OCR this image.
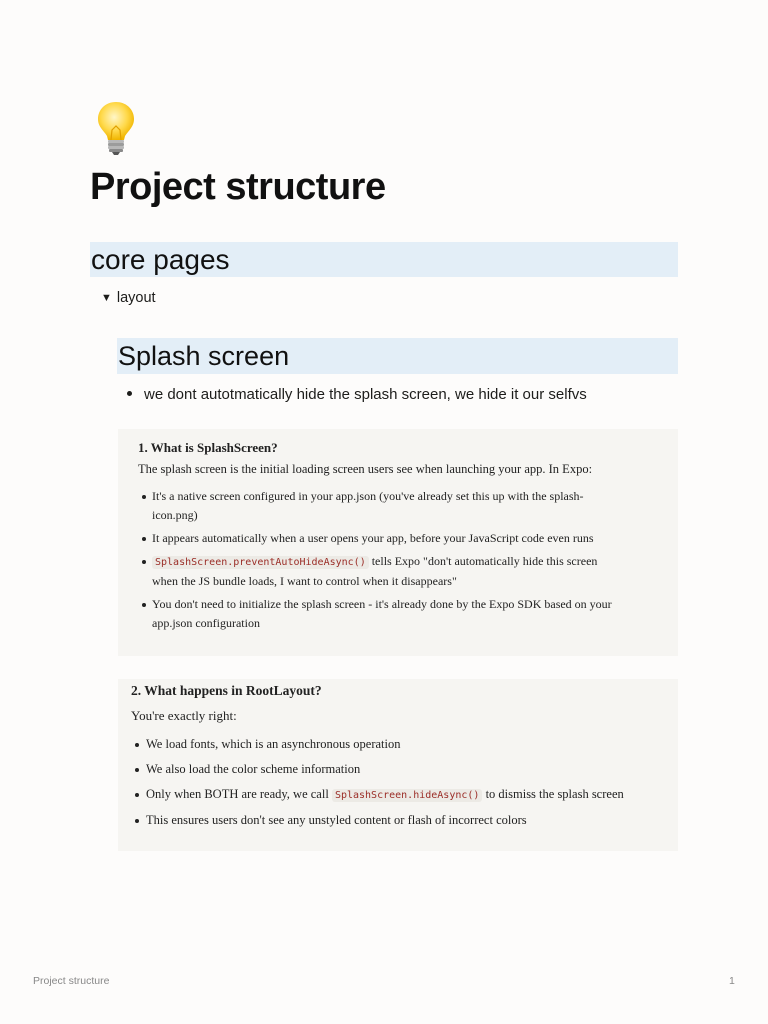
Project structure
core pages
▼ layout
Splash screen
we dont autotmatically hide the splash screen, we hide it our selfvs
1. What is SplashScreen?

The splash screen is the initial loading screen users see when launching your app. In Expo:

It's a native screen configured in your app.json (you've already set this up with the splash-icon.png)
It appears automatically when a user opens your app, before your JavaScript code even runs
SplashScreen.preventAutoHideAsync() tells Expo "don't automatically hide this screen when the JS bundle loads, I want to control when it disappears"
You don't need to initialize the splash screen - it's already done by the Expo SDK based on your app.json configuration
2. What happens in RootLayout?

You're exactly right:

We load fonts, which is an asynchronous operation
We also load the color scheme information
Only when BOTH are ready, we call SplashScreen.hideAsync() to dismiss the splash screen
This ensures users don't see any unstyled content or flash of incorrect colors
Project structure	1
